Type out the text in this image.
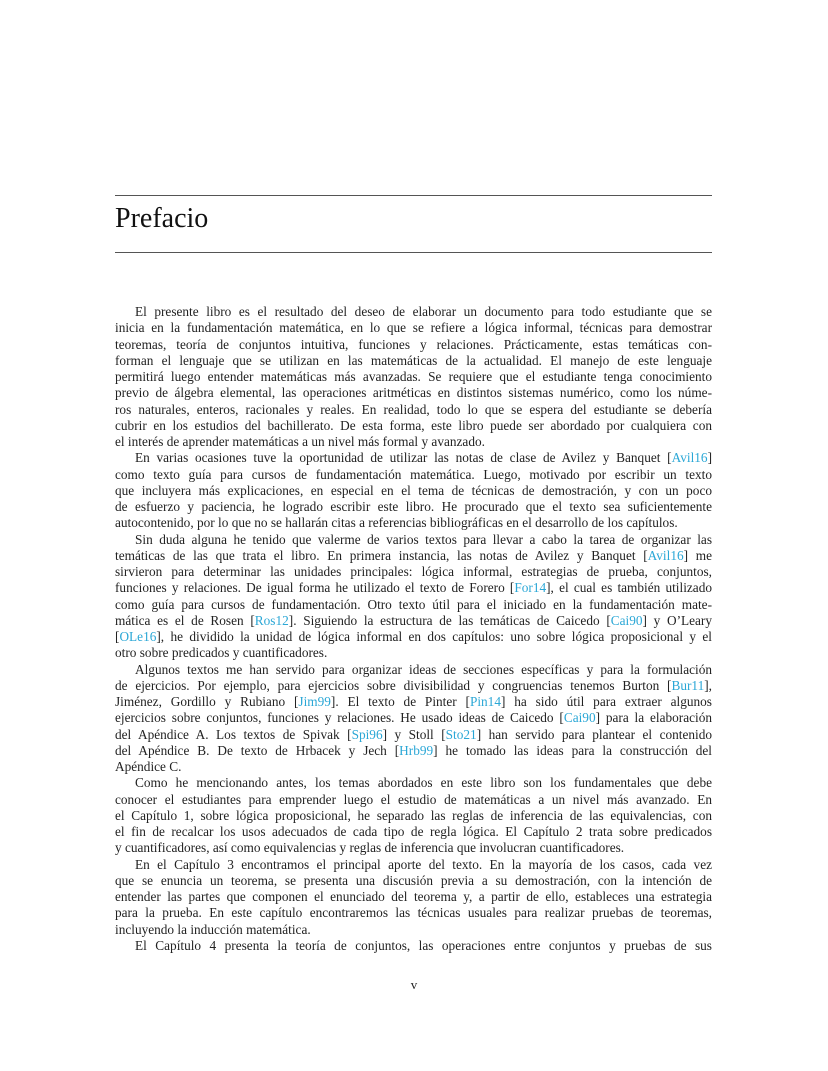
Prefacio
El presente libro es el resultado del deseo de elaborar un documento para todo estudiante que se
inicia en la fundamentación matemática, en lo que se refiere a lógica informal, técnicas para demostrar
teoremas, teoría de conjuntos intuitiva, funciones y relaciones. Prácticamente, estas temáticas con-
forman el lenguaje que se utilizan en las matemáticas de la actualidad. El manejo de este lenguaje
permitirá luego entender matemáticas más avanzadas. Se requiere que el estudiante tenga conocimiento
previo de álgebra elemental, las operaciones aritméticas en distintos sistemas numérico, como los núme-
ros naturales, enteros, racionales y reales. En realidad, todo lo que se espera del estudiante se debería
cubrir en los estudios del bachillerato. De esta forma, este libro puede ser abordado por cualquiera con
el interés de aprender matemáticas a un nivel más formal y avanzado.
En varias ocasiones tuve la oportunidad de utilizar las notas de clase de Avilez y Banquet [Avil16]
como texto guía para cursos de fundamentación matemática. Luego, motivado por escribir un texto
que incluyera más explicaciones, en especial en el tema de técnicas de demostración, y con un poco
de esfuerzo y paciencia, he logrado escribir este libro. He procurado que el texto sea suficientemente
autocontenido, por lo que no se hallarán citas a referencias bibliográficas en el desarrollo de los capítulos.
Sin duda alguna he tenido que valerme de varios textos para llevar a cabo la tarea de organizar las
temáticas de las que trata el libro. En primera instancia, las notas de Avilez y Banquet [Avil16] me
sirvieron para determinar las unidades principales: lógica informal, estrategias de prueba, conjuntos,
funciones y relaciones. De igual forma he utilizado el texto de Forero [For14], el cual es también utilizado
como guía para cursos de fundamentación. Otro texto útil para el iniciado en la fundamentación mate-
mática es el de Rosen [Ros12]. Siguiendo la estructura de las temáticas de Caicedo [Cai90] y O’Leary
[OLe16], he dividido la unidad de lógica informal en dos capítulos: uno sobre lógica proposicional y el
otro sobre predicados y cuantificadores.
Algunos textos me han servido para organizar ideas de secciones específicas y para la formulación
de ejercicios. Por ejemplo, para ejercicios sobre divisibilidad y congruencias tenemos Burton [Bur11],
Jiménez, Gordillo y Rubiano [Jim99]. El texto de Pinter [Pin14] ha sido útil para extraer algunos
ejercicios sobre conjuntos, funciones y relaciones. He usado ideas de Caicedo [Cai90] para la elaboración
del Apéndice A. Los textos de Spivak [Spi96] y Stoll [Sto21] han servido para plantear el contenido
del Apéndice B. De texto de Hrbacek y Jech [Hrb99] he tomado las ideas para la construcción del
Apéndice C.
Como he mencionando antes, los temas abordados en este libro son los fundamentales que debe
conocer el estudiantes para emprender luego el estudio de matemáticas a un nivel más avanzado. En
el Capítulo 1, sobre lógica proposicional, he separado las reglas de inferencia de las equivalencias, con
el fin de recalcar los usos adecuados de cada tipo de regla lógica. El Capítulo 2 trata sobre predicados
y cuantificadores, así como equivalencias y reglas de inferencia que involucran cuantificadores.
En el Capítulo 3 encontramos el principal aporte del texto. En la mayoría de los casos, cada vez
que se enuncia un teorema, se presenta una discusión previa a su demostración, con la intención de
entender las partes que componen el enunciado del teorema y, a partir de ello, estableces una estrategia
para la prueba. En este capítulo encontraremos las técnicas usuales para realizar pruebas de teoremas,
incluyendo la inducción matemática.
El Capítulo 4 presenta la teoría de conjuntos, las operaciones entre conjuntos y pruebas de sus
v
